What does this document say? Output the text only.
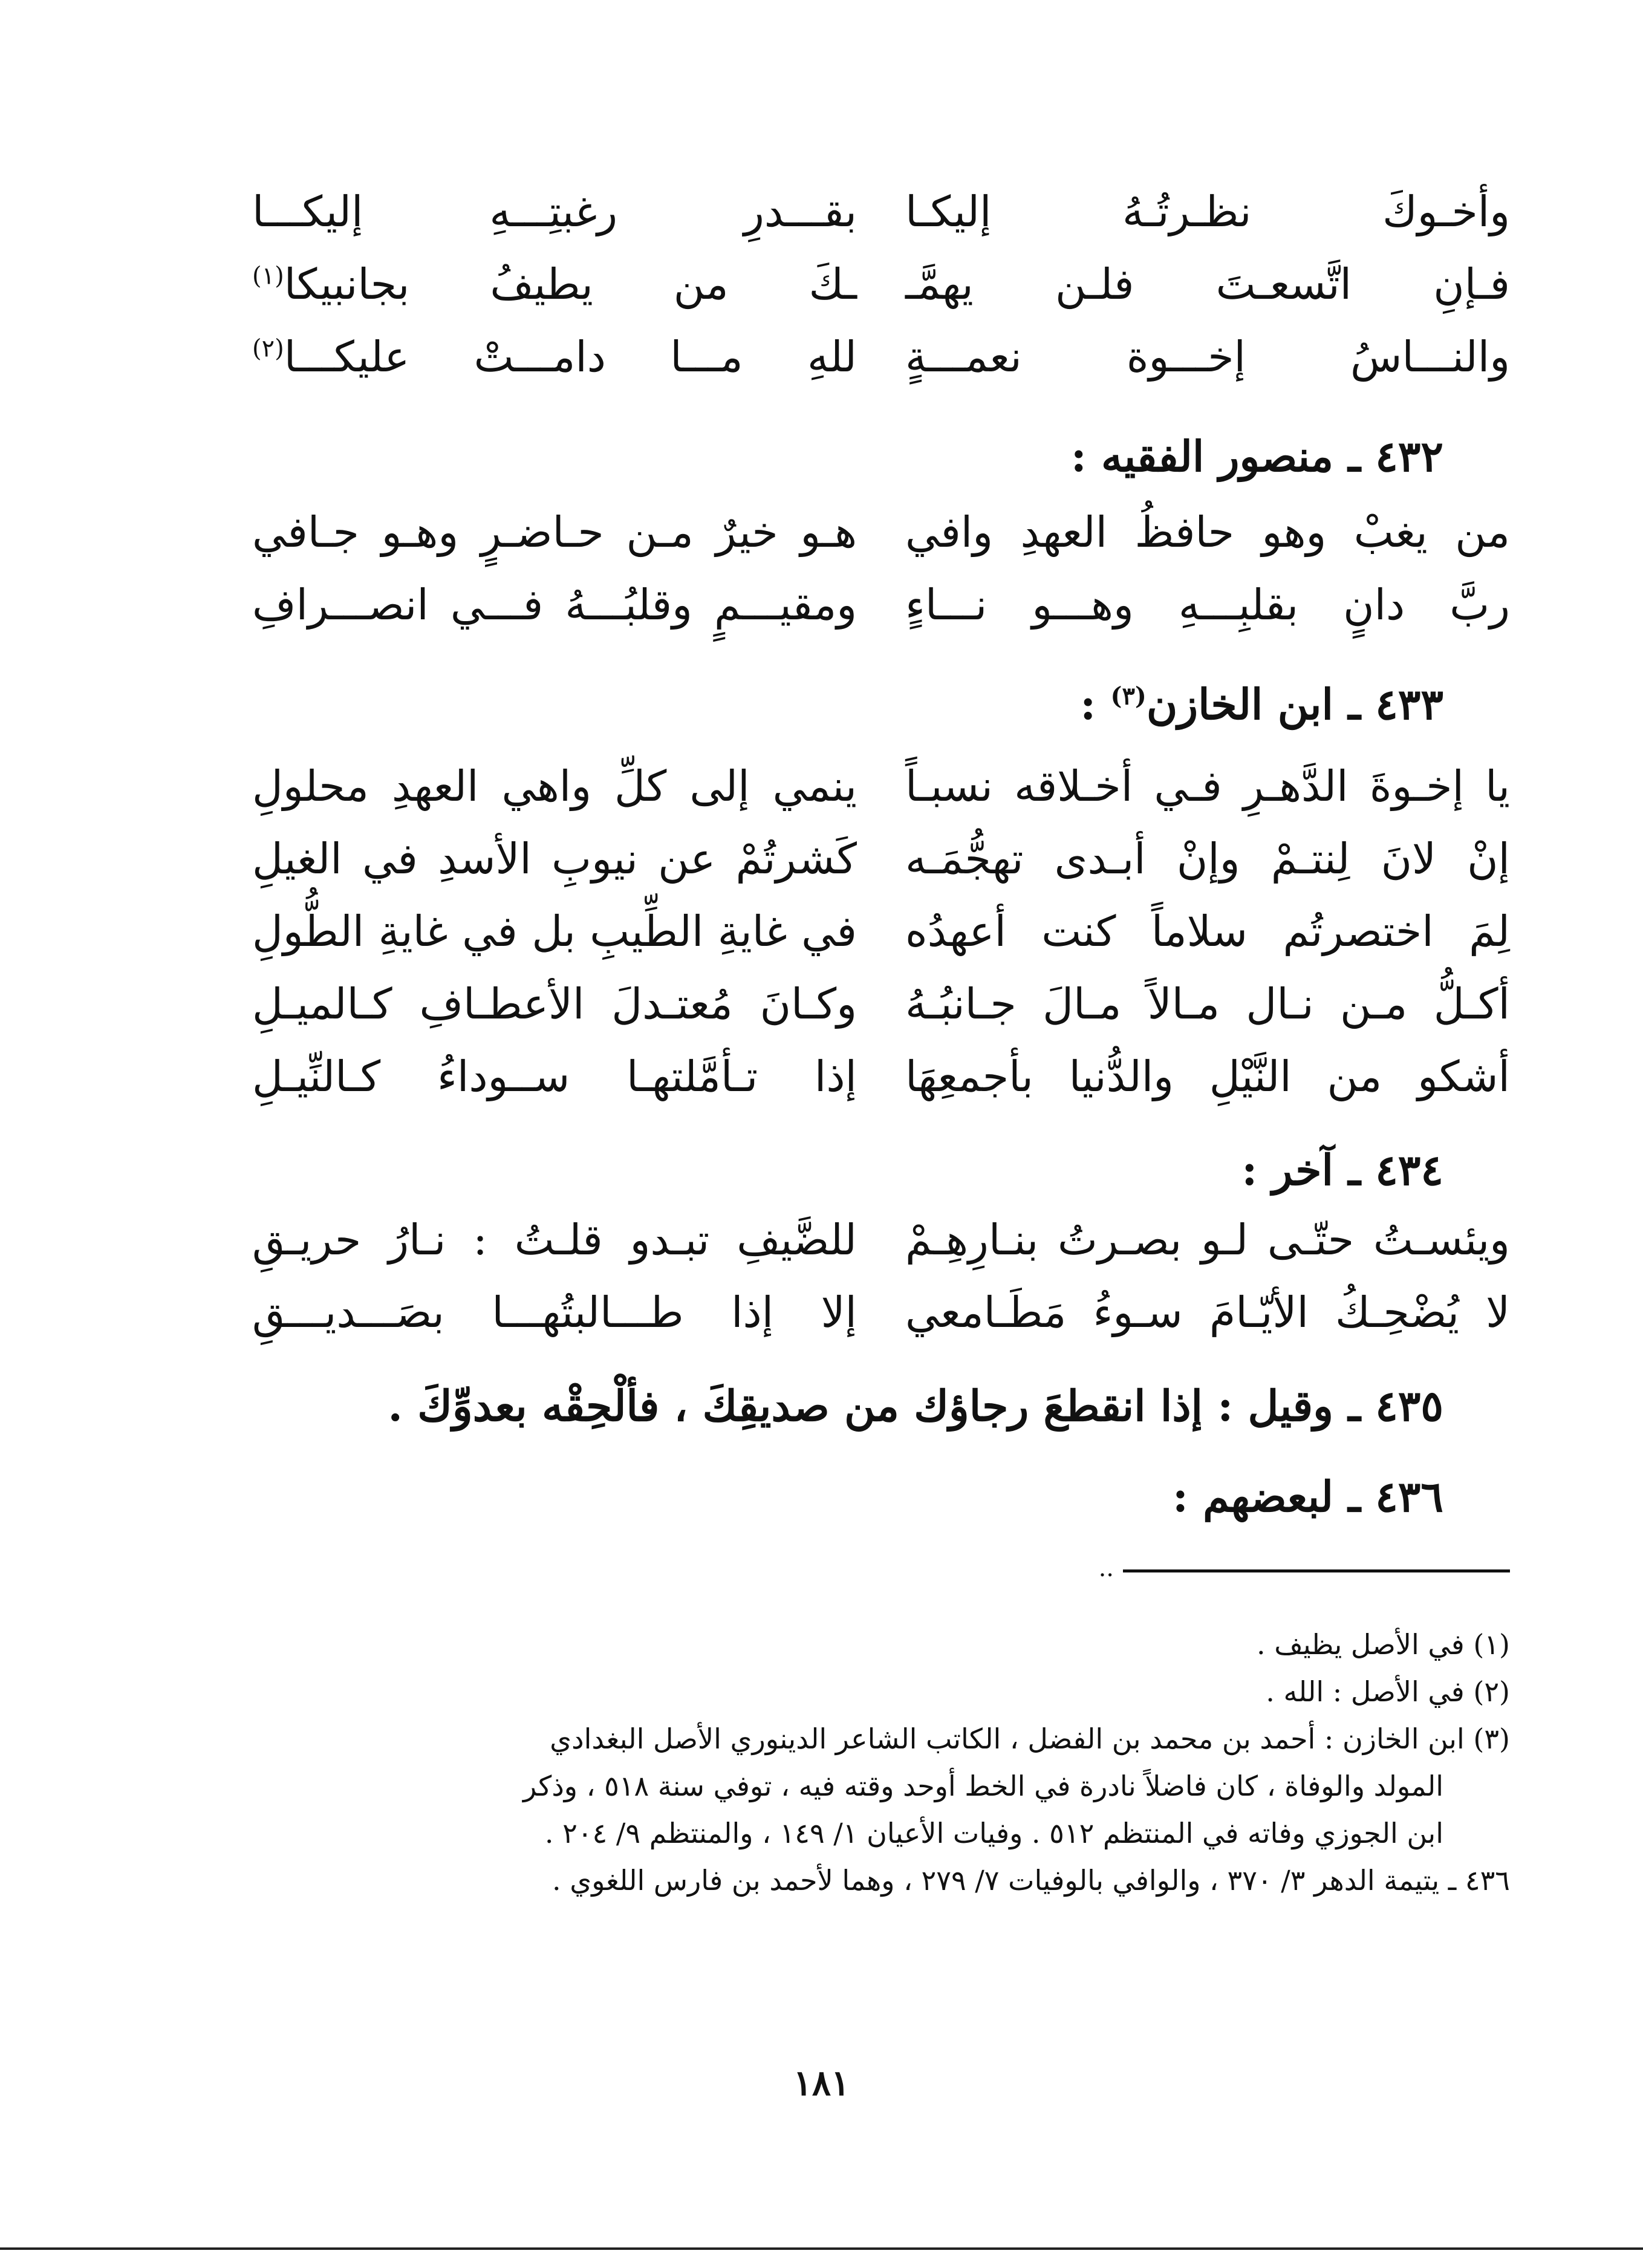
وأخـوكَ نظـرتُـهُ إليكـا
بقـــدرِ رغبتِـــهِ إليكـــا
فـإنِ اتَّسعـتَ فلـن يهمَّـ
ـكَ من يطيفُ بجانبيكا$^{(١)}$
والنـــاسُ إخـــوة نعمـــةٍ
للهِ مـــا دامـــتْ عليكـــا$^{(٢)}$
٤٣٢ ـ منصور الفقيه :
من يغبْ وهو حافظُ العهدِ وافي
هـو خيرٌ مـن حـاضـرٍ وهـو جـافي
ربَّ دانٍ بقلبِـــهِ وهـــو نـــاءٍ
ومقيـــمٍ وقلبُـــهُ فـــي انصـــرافِ
٤٣٣ ـ ابن الخازن$^{(٣)}$ :
يا إخـوةَ الدَّهـرِ فـي أخـلاقه نسبـاً
ينمي إلى كلِّ واهي العهدِ محلولِ
إنْ لانَ لِنتـمْ وإنْ أبـدى تهجُّمَـه
كَشرتُمْ عن نيوبِ الأسدِ في الغيلِ
لِمَ اختصرتُم سلاماً كنت أعهدُه
في غايةِ الطِّيبِ بل في غايةِ الطُّولِ
أكـلُّ مـن نـال مـالاً مـالَ جـانبُـهُ
وكـانَ مُعتـدلَ الأعطـافِ كـالميـلِ
أشكو من النَّيْلِ والدُّنيا بأجمعِهَا
إذا تـأمَّلتهـا ســوداءُ كـالنِّيـلِ
٤٣٤ ـ آخر :
ويئسـتُ حتّـى لـو بصـرتُ بنـارِهِـمْ
للضَّيفِ تبـدو قلـتُ : نـارُ حريـقِ
لا يُضْحِـكُ الأيّـامَ سـوءُ مَطَـامعي
إلا إذا طـــالبتُهـــا بصَـــديـــقِ
٤٣٥ ـ وقيل : إذا انقطعَ رجاؤك من صديقِكَ ، فألْحِقْه بعدوِّكَ .
٤٣٦ ـ لبعضهم :
..
(١) في الأصل يظيف .
(٢) في الأصل : الله .
(٣) ابن الخازن : أحمد بن محمد بن الفضل ، الكاتب الشاعر الدينوري الأصل البغدادي
المولد والوفاة ، كان فاضلاً نادرة في الخط أوحد وقته فيه ، توفي سنة ٥١٨ ، وذكر
ابن الجوزي وفاته في المنتظم ٥١٢ . وفيات الأعيان ١/ ١٤٩ ، والمنتظم ٩/ ٢٠٤ .
٤٣٦ ـ يتيمة الدهر ٣/ ٣٧٠ ، والوافي بالوفيات ٧/ ٢٧٩ ، وهما لأحمد بن فارس اللغوي .
١٨١
